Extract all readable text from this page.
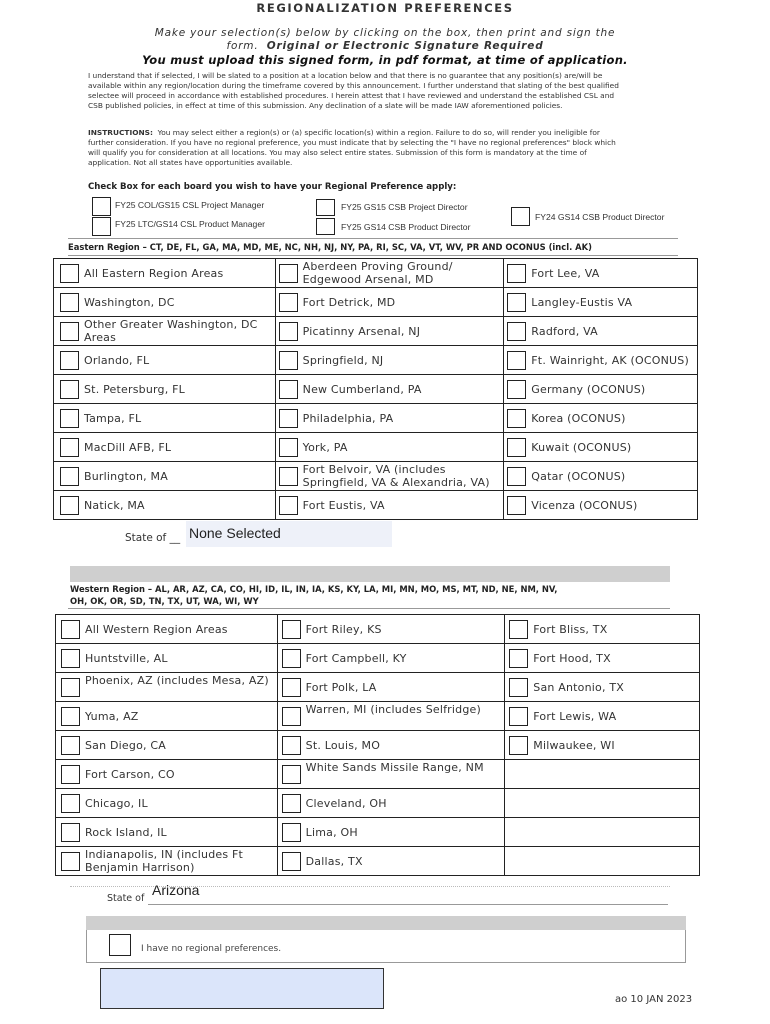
REGIONALIZATION PREFERENCES
Make your selection(s) below by clicking on the box, then print and sign the
form. Original or Electronic Signature Required
You must upload this signed form, in pdf format, at time of application.
I understand that if selected, I will be slated to a position at a location below and that there is no guarantee that any position(s) are/will be
available within any region/location during the timeframe covered by this announcement. I further understand that slating of the best qualified
selectee will proceed in accordance with established procedures. I herein attest that I have reviewed and understand the established CSL and
CSB published policies, in effect at time of this submission. Any declination of a slate will be made IAW aforementioned policies.
INSTRUCTIONS: You may select either a region(s) or (a) specific location(s) within a region. Failure to do so, will render you ineligible for
further consideration. If you have no regional preference, you must indicate that by selecting the "I have no regional preferences" block which
will qualify you for consideration at all locations. You may also select entire states. Submission of this form is mandatory at the time of
application. Not all states have opportunities available.
Check Box for each board you wish to have your Regional Preference apply:
FY25 COL/GS15 CSL Project Manager
FY25 LTC/GS14 CSL Product Manager
FY25 GS15 CSB Project Director
FY25 GS14 CSB Product Director
FY24 GS14 CSB Product Director
Eastern Region – CT, DE, FL, GA, MA, MD, ME, NC, NH, NJ, NY, PA, RI, SC, VA, VT, WV, PR AND OCONUS (incl. AK)
All Eastern Region Areas	Aberdeen Proving Ground/ Edgewood Arsenal, MD	Fort Lee, VA

Washington, DC	Fort Detrick, MD	Langley-Eustis VA

Other Greater Washington, DC Areas	Picatinny Arsenal, NJ	Radford, VA

Orlando, FL	Springfield, NJ	Ft. Wainright, AK (OCONUS)

St. Petersburg, FL	New Cumberland, PA	Germany (OCONUS)

Tampa, FL	Philadelphia, PA	Korea (OCONUS)

MacDill AFB, FL	York, PA	Kuwait (OCONUS)

Burlington, MA	Fort Belvoir, VA (includes Springfield, VA & Alexandria, VA)	Qatar (OCONUS)

Natick, MA	Fort Eustis, VA	Vicenza (OCONUS)
State of __ None Selected
Western Region – AL, AR, AZ, CA, CO, HI, ID, IL, IN, IA, KS, KY, LA, MI, MN, MO, MS, MT, ND, NE, NM, NV,
OH, OK, OR, SD, TN, TX, UT, WA, WI, WY
All Western Region Areas	Fort Riley, KS	Fort Bliss, TX

Huntstville, AL	Fort Campbell, KY	Fort Hood, TX

Phoenix, AZ (includes Mesa, AZ)	Fort Polk, LA	San Antonio, TX

Yuma, AZ	Warren, MI (includes Selfridge)	Fort Lewis, WA

San Diego, CA	St. Louis, MO	Milwaukee, WI

Fort Carson, CO	White Sands Missile Range, NM	

Chicago, IL	Cleveland, OH	

Rock Island, IL	Lima, OH	

Indianapolis, IN (includes Ft Benjamin Harrison)	Dallas, TX	

State of
Arizona
I have no regional preferences.
ao 10 JAN 2023
